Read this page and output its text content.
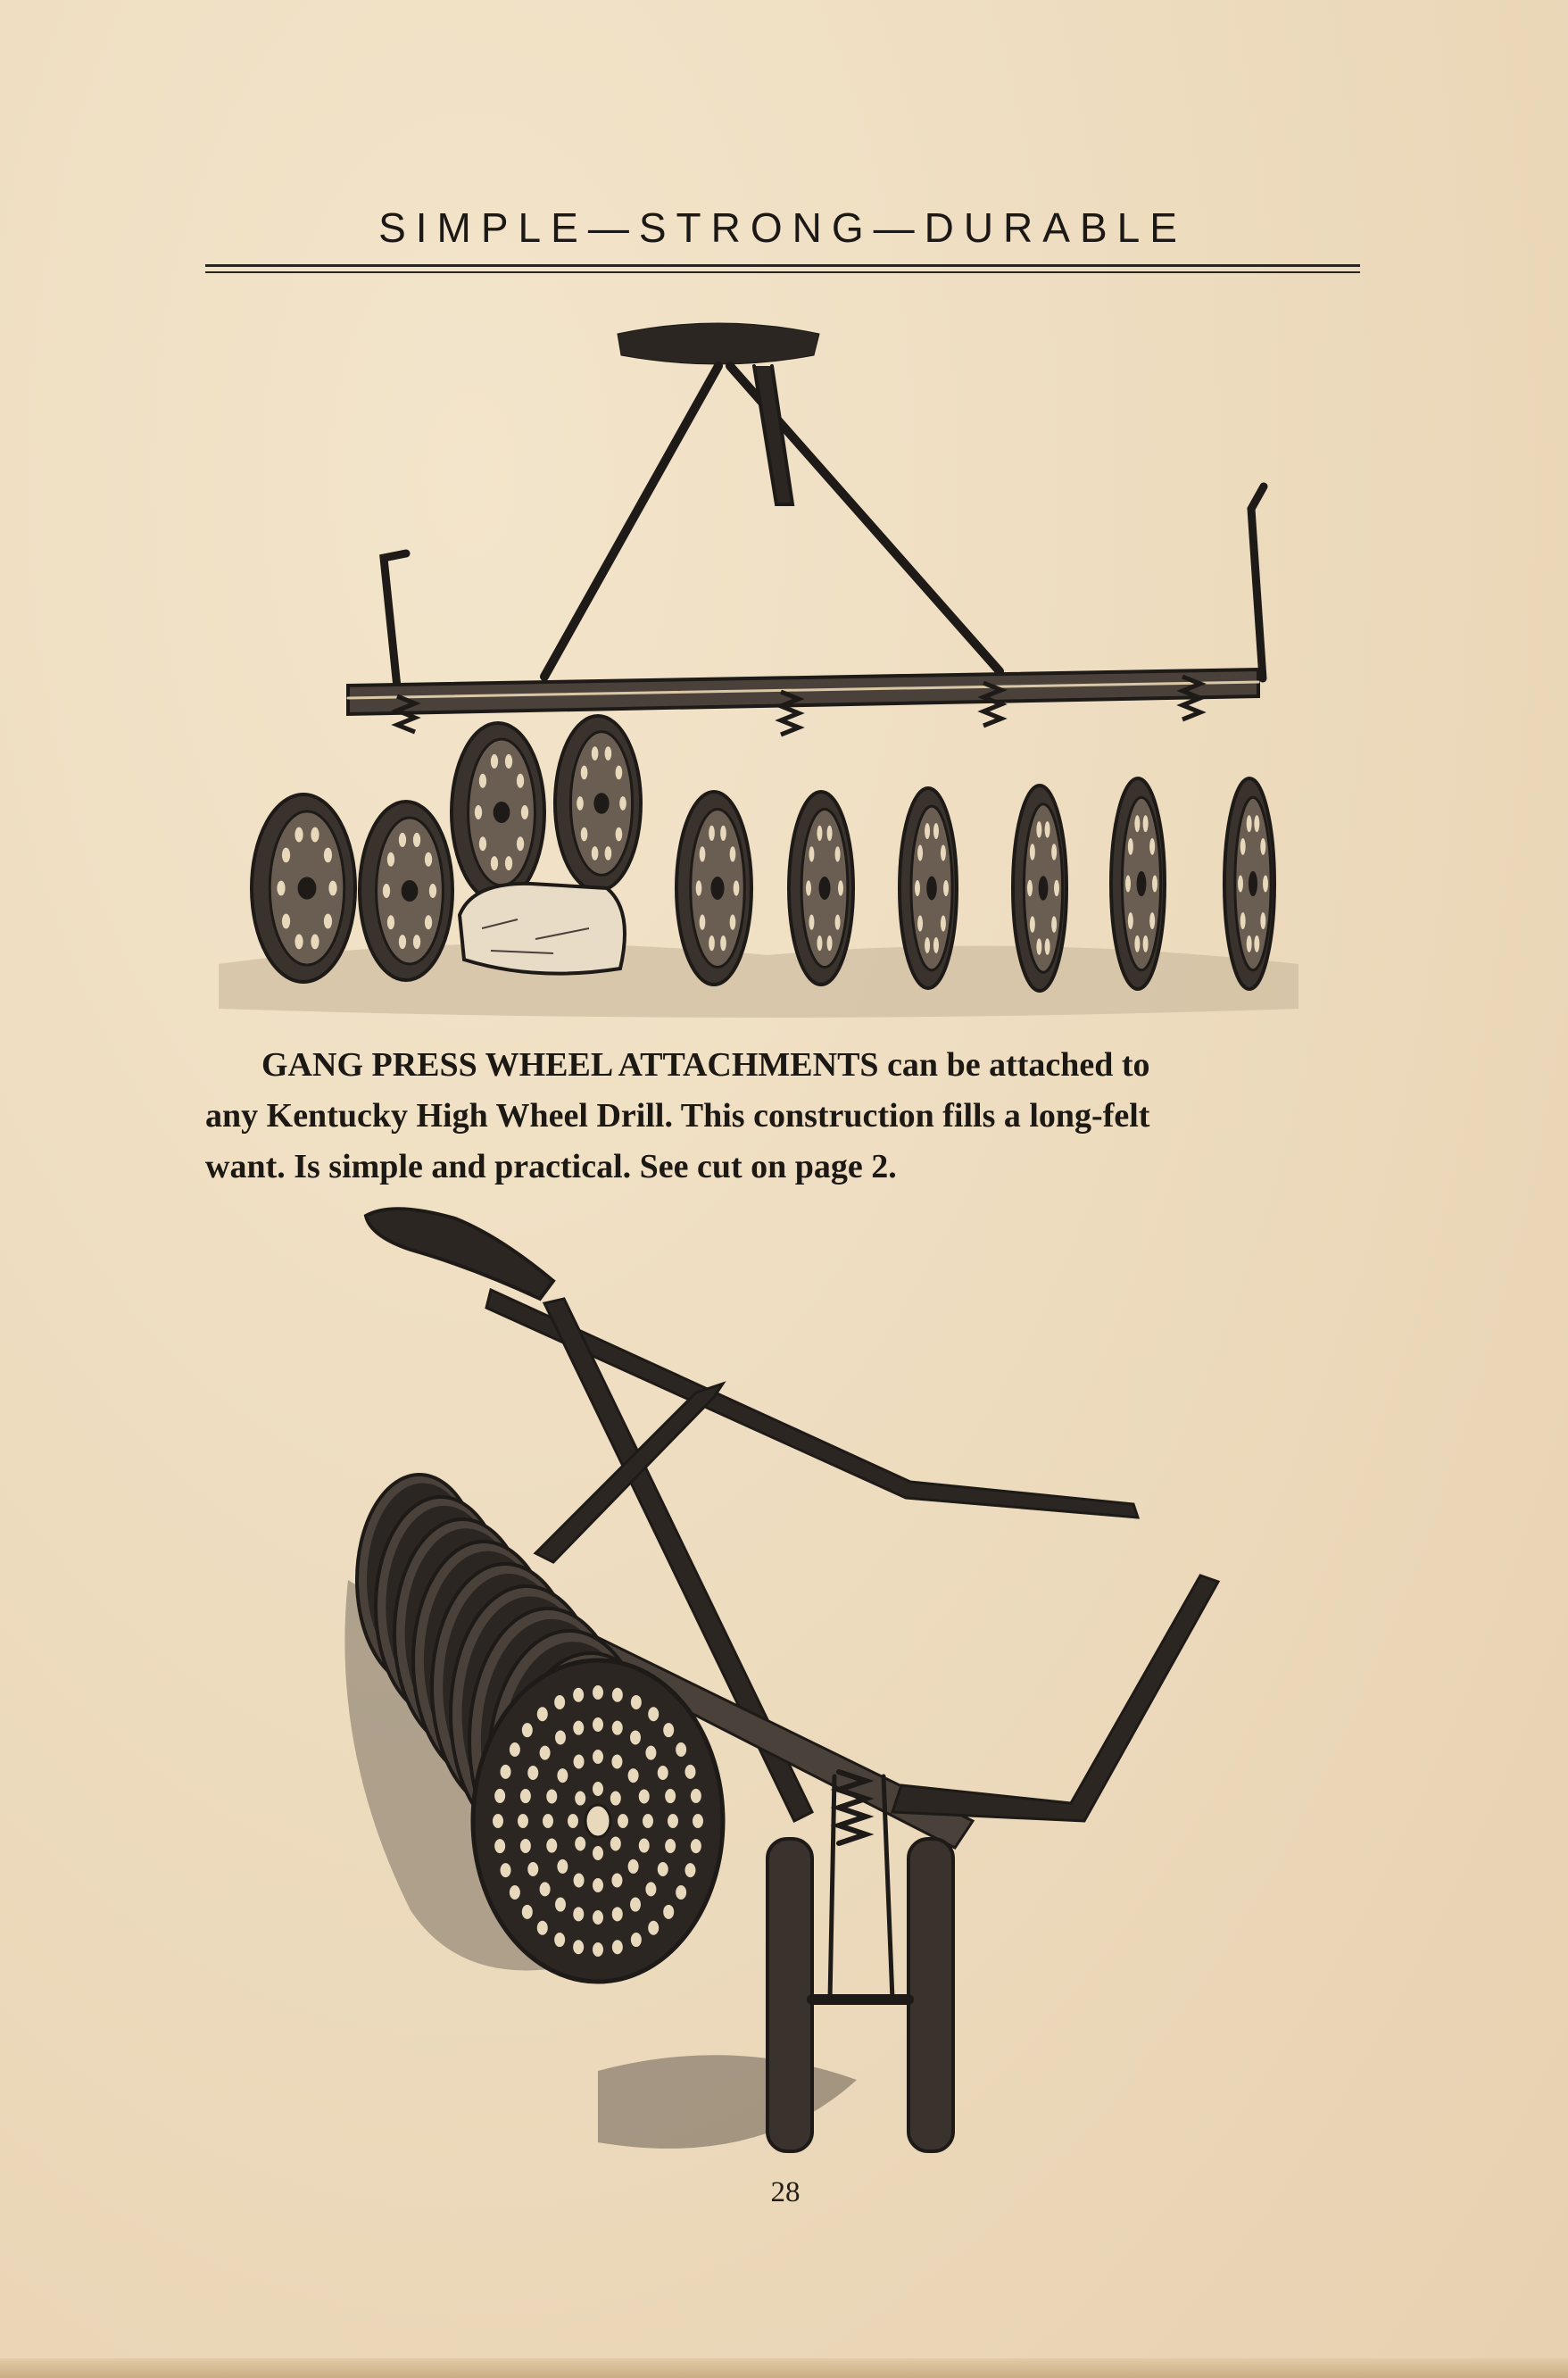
SIMPLE—STRONG—DURABLE

GANG PRESS WHEEL ATTACHMENTS can be attached to

any Kentucky High Wheel Drill. This construction fills a long-felt

want. Is simple and practical. See cut on page 2.

28
